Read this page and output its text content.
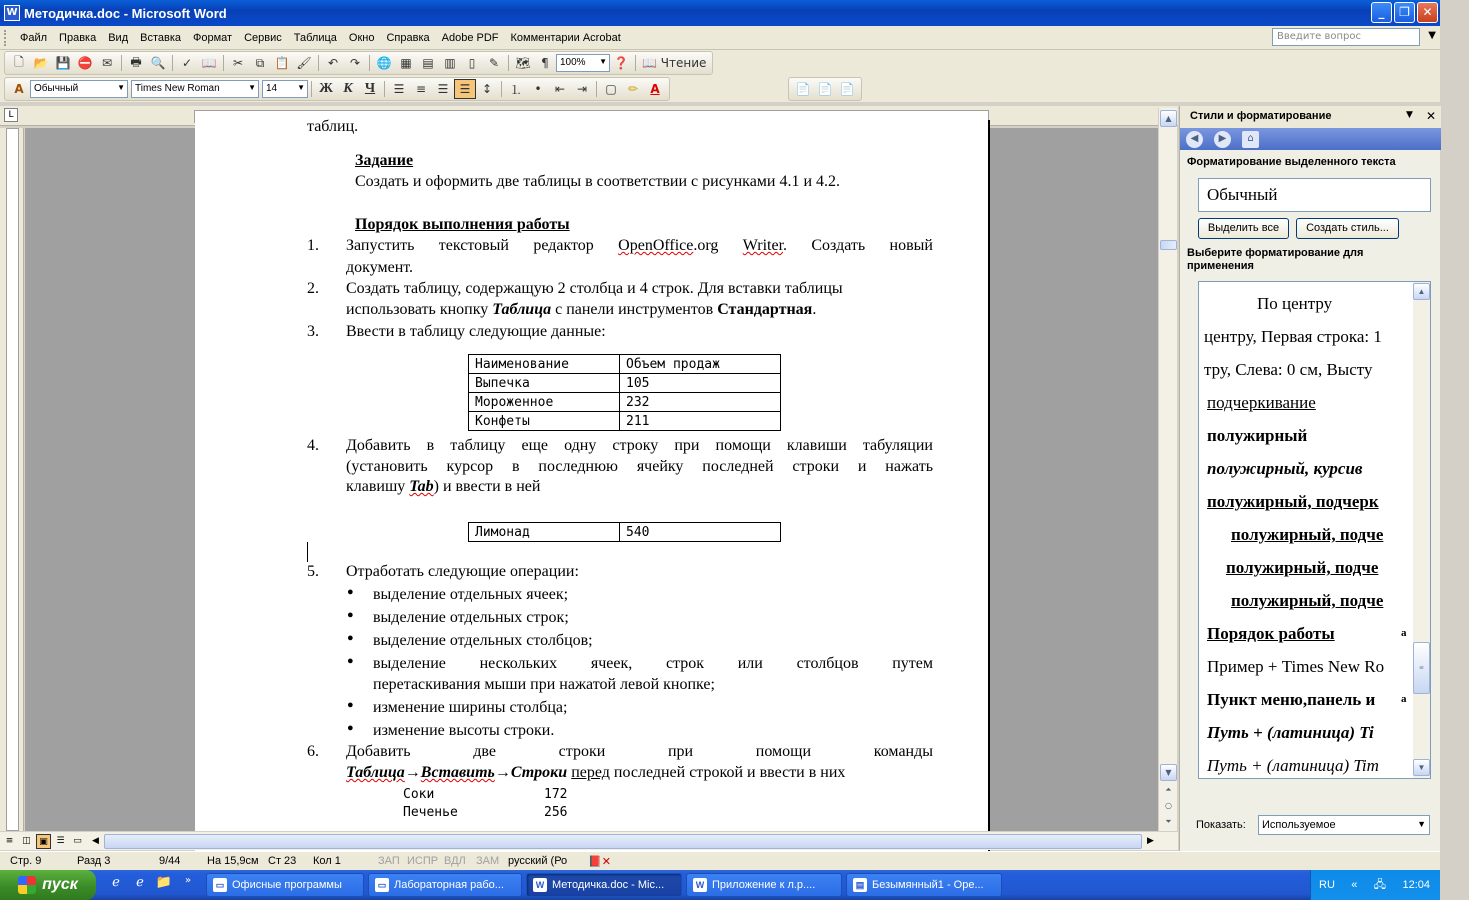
W Методичка.doc - Microsoft Word	_	❐	✕
Файл	Правка	Вид	Вставка	Формат	Сервис	Таблица	Окно	Справка	Adobe PDF	Комментарии Acrobat	Введите вопрос	▼
🗋 📂 💾 ⛔ ✉	🖶 🔍	✓ 📖	✂	⧉ 📋 🖌	↶ ↷	🌐 ▦ ▤ ▥	▯	✎	🗺 ¶	100% ▼ ❓ 📖
Чтение
A	Обычный	▼	Times New Roman	▼	14 ▼ Ж К Ч	☰ ≡ ☰ ☰ ↕	⒈	•	⇤ ⇥	▢ ✏	A	📄 📄 📄
L
таблиц.
Задание
Создать и оформить две таблицы в соответствии с рисунками 4.1 и 4.2.
Порядок выполнения работы
1. Запустить текстовый редактор OpenOffice.org Writer. Создать новый
документ.
2. Создать таблицу, содержащую 2 столбца и 4 строк. Для вставки таблицы
использовать кнопку Таблица с панели инструментов Стандартная.
3. Ввести в таблицу следующие данные:
Наименование	Объем продаж
Выпечка	105
Мороженное	232
Конфеты	211
4. Добавить в таблицу еще одну строку при помощи клавиши табуляции
(установить курсор в последнюю ячейку последней строки и нажать
клавишу Tab) и ввести в ней
Лимонад	540
5. Отработать следующие операции:
● выделение отдельных ячеек;
● выделение отдельных строк;
● выделение отдельных столбцов;
● выделение нескольких ячеек, строк или столбцов путем
перетаскивания мыши при нажатой левой кнопке;
● изменение ширины столбца;
● изменение высоты строки.
6. Добавить две строки при помощи команды
Таблица→Вставить→Строки перед последней строкой и ввести в них
Соки	172
Печенье	256
▲
▼
⏶
○
⏷
≡ ◫ ▣ ☰ ▭	◀	▶
Стили и форматирование	▼ ✕
◀	▶	⌂
Форматирование выделенного текста
Обычный
Выделить все	Создать стиль...
Выберите форматирование для применения
По центру
центру, Первая строка: 1
тру, Слева: 0 см, Высту
подчеркивание
полужирный
полужирный, курсив
полужирный, подчерк
полужирный, подче
полужирный, подче
полужирный, подче
Порядок работы	a
Пример + Times New Ro
Пункт меню,панель и	a
Путь + (латиница) Ti
Путь + (латиница) Tim
▲
≡
▼
Показать:	Используемое	▼
Стр. 9	Разд 3	9/44 На 15,9см Ст 23 Кол 1	ЗАП ИСПР ВДЛ ЗАМ русский (Ро 📕✕
пуск	ℯ	ℯ 📁	»	▭ Офисные программы	▭ Лабораторная рабо...	W Методичка.doc - Mic...	W Приложение к л.р....	▤ Безымянный1 - Ope...	RU « 🖧 12:04
